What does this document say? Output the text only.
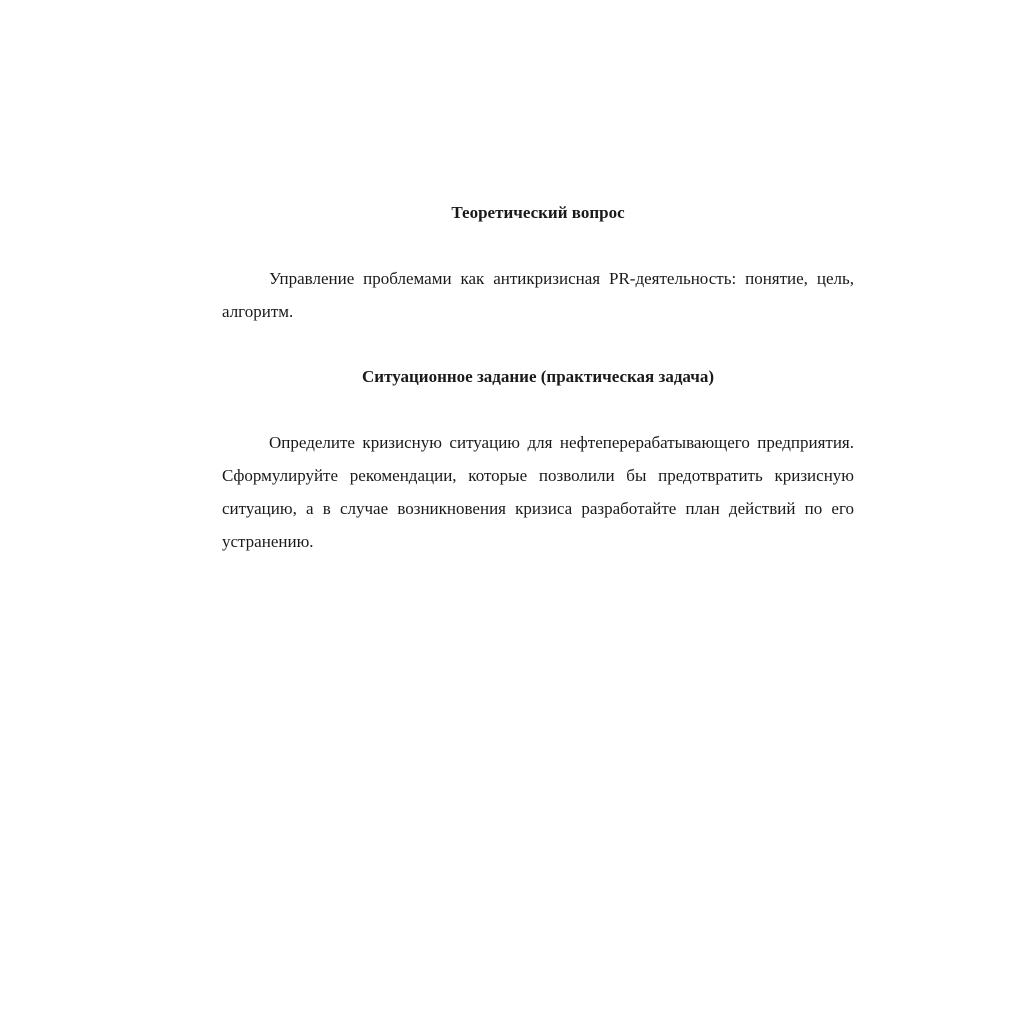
Теоретический вопрос

Управление проблемами как антикризисная PR-деятельность: понятие, цель, алгоритм.

Ситуационное задание (практическая задача)

Определите кризисную ситуацию для нефтеперерабатывающего предприятия. Сформулируйте рекомендации, которые позволили бы предотвратить кризисную ситуацию, а в случае возникновения кризиса разработайте план действий по его устранению.
